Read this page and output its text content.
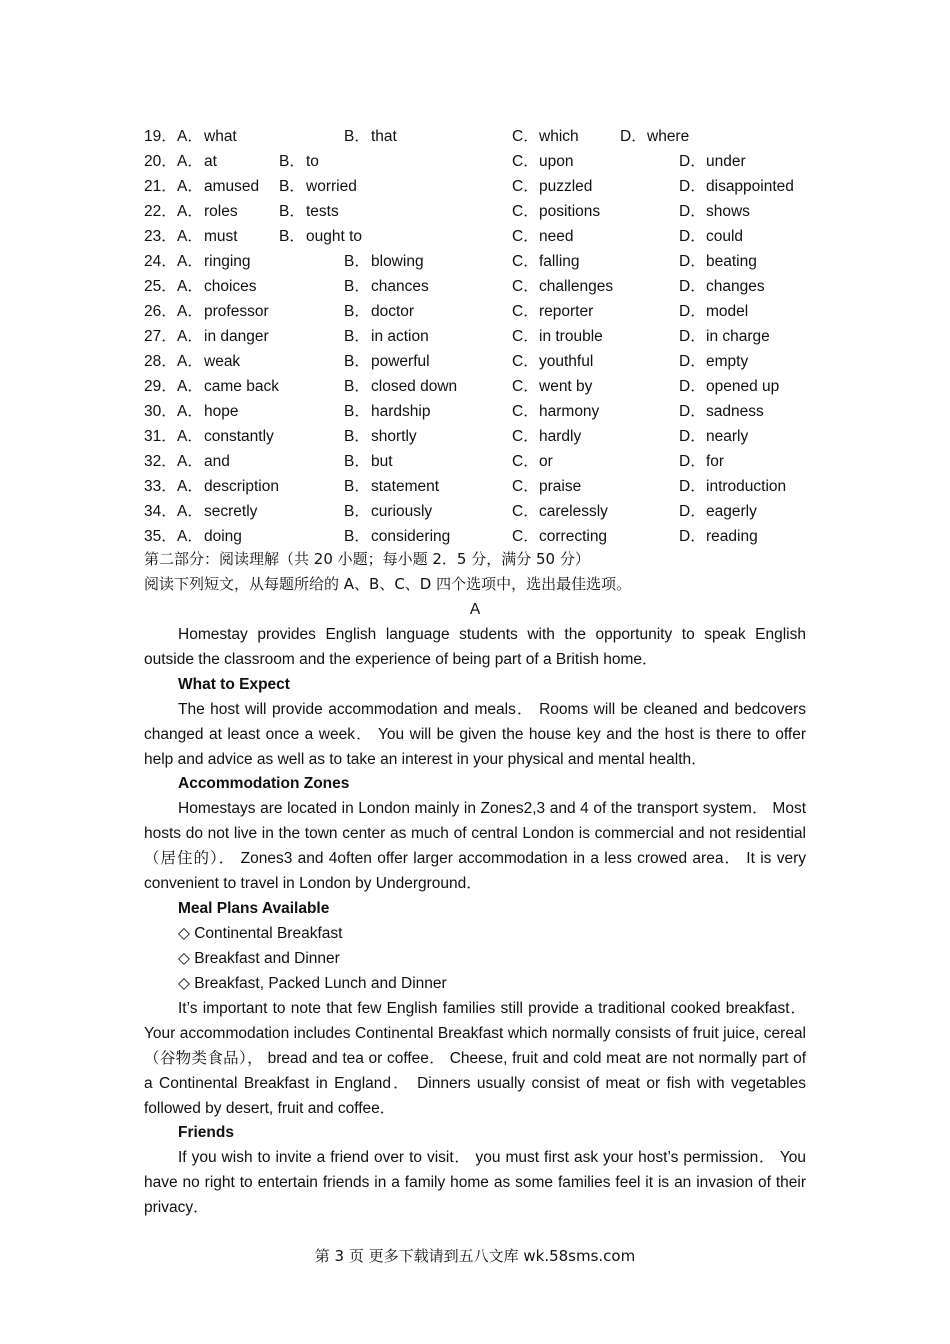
19． A．what	B．that	C．which	D．where
20． A．at	B．to	C．upon	D．under
21． A．amused B．worried	C．puzzled	D．disappointed
22． A．roles	B．tests	C．positions	D．shows
23． A．must	B．ought to	C．need	D．could
24． A．ringing	B．blowing	C．falling	D．beating
25． A．choices	B．chances	C．challenges	D．changes
26． A．professor	B．doctor	C．reporter	D．model
27． A．in danger	B．in action	C．in trouble	D．in charge
28． A．weak	B．powerful	C．youthful	D．empty
29． A．came back	B．closed down	C．went by	D．opened up
30． A．hope	B．hardship	C．harmony	D．sadness
31． A．constantly	B．shortly	C．hardly	D．nearly
32． A．and	B．but	C．or	D．for
33． A．description	B．statement	C．praise	D．introduction
34． A．secretly	B．curiously	C．carelessly	D．eagerly
35． A．doing	B．considering	C．correcting	D．reading
第二部分：阅读理解（共 20 小题；每小题 2．5 分，满分 50 分）
阅读下列短文，从每题所给的 A、B、C、D 四个选项中，选出最佳选项。
A
Homestay provides English language students with the opportunity to speak English outside the classroom and the experience of being part of a British home．
What to Expect
The host will provide accommodation and meals． Rooms will be cleaned and bedcovers changed at least once a week． You will be given the house key and the host is there to offer help and advice as well as to take an interest in your physical and mental health．
Accommodation Zones
Homestays are located in London mainly in Zones2,3 and 4 of the transport system． Most hosts do not live in the town center as much of central London is commercial and not residential（居住的）． Zones3 and 4often offer larger accommodation in a less crowed area． It is very convenient to travel in London by Underground．
Meal Plans Available
◇ Continental Breakfast
◇ Breakfast and Dinner
◇ Breakfast, Packed Lunch and Dinner
It’s important to note that few English families still provide a traditional cooked breakfast． Your accommodation includes Continental Breakfast which normally consists of fruit juice, cereal（谷物类食品）， bread and tea or coffee． Cheese, fruit and cold meat are not normally part of a Continental Breakfast in England． Dinners usually consist of meat or fish with vegetables followed by desert, fruit and coffee．
Friends
If you wish to invite a friend over to visit． you must first ask your host’s permission． You have no right to entertain friends in a family home as some families feel it is an invasion of their privacy．
第 3 页 更多下载请到五八文库 wk.58sms.com
